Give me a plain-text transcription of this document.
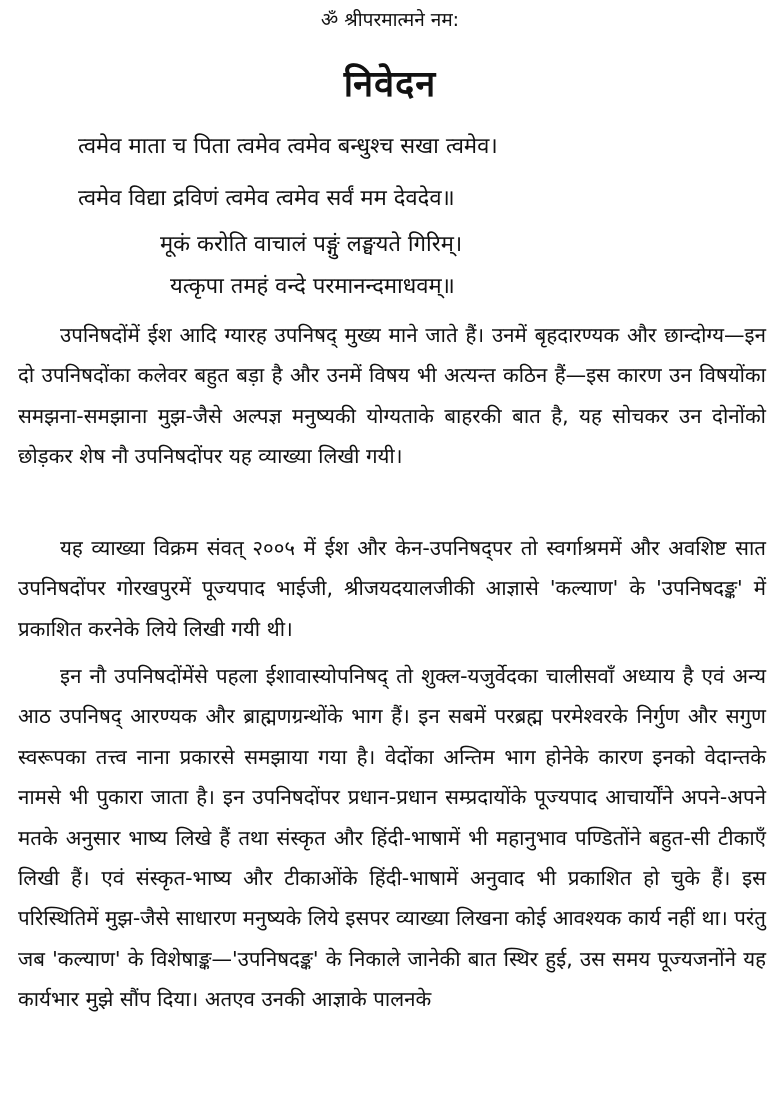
ॐ श्रीपरमात्मने नम:
निवेदन
त्वमेव माता च पिता त्वमेव त्वमेव बन्धुश्च सखा त्वमेव।
त्वमेव विद्या द्रविणं त्वमेव त्वमेव सर्वं मम देवदेव॥
मूकं करोति वाचालं पङ्गुं लङ्घयते गिरिम्।
यत्कृपा तमहं वन्दे परमानन्दमाधवम्॥
उपनिषदोंमें ईश आदि ग्यारह उपनिषद् मुख्य माने जाते हैं। उनमें बृहदारण्यक और छान्दोग्य—इन दो उपनिषदोंका कलेवर बहुत बड़ा है और उनमें विषय भी अत्यन्त कठिन हैं—इस कारण उन विषयोंका समझना-समझाना मुझ-जैसे अल्पज्ञ मनुष्यकी योग्यताके बाहरकी बात है, यह सोचकर उन दोनोंको छोड़कर शेष नौ उपनिषदोंपर यह व्याख्या लिखी गयी।
यह व्याख्या विक्रम संवत् २००५ में ईश और केन-उपनिषद्पर तो स्वर्गाश्रममें और अवशिष्ट सात उपनिषदोंपर गोरखपुरमें पूज्यपाद भाईजी, श्रीजयदयालजीकी आज्ञासे 'कल्याण' के 'उपनिषदङ्क' में प्रकाशित करनेके लिये लिखी गयी थी।
इन नौ उपनिषदोंमेंसे पहला ईशावास्योपनिषद् तो शुक्ल-यजुर्वेदका चालीसवाँ अध्याय है एवं अन्य आठ उपनिषद् आरण्यक और ब्राह्मणग्रन्थोंके भाग हैं। इन सबमें परब्रह्म परमेश्वरके निर्गुण और सगुण स्वरूपका तत्त्व नाना प्रकारसे समझाया गया है। वेदोंका अन्तिम भाग होनेके कारण इनको वेदान्तके नामसे भी पुकारा जाता है। इन उपनिषदोंपर प्रधान-प्रधान सम्प्रदायोंके पूज्यपाद आचार्योंने अपने-अपने मतके अनुसार भाष्य लिखे हैं तथा संस्कृत और हिंदी-भाषामें भी महानुभाव पण्डितोंने बहुत-सी टीकाएँ लिखी हैं। एवं संस्कृत-भाष्य और टीकाओंके हिंदी-भाषामें अनुवाद भी प्रकाशित हो चुके हैं। इस परिस्थितिमें मुझ-जैसे साधारण मनुष्यके लिये इसपर व्याख्या लिखना कोई आवश्यक कार्य नहीं था। परंतु जब 'कल्याण' के विशेषाङ्क—'उपनिषदङ्क' के निकाले जानेकी बात स्थिर हुई, उस समय पूज्यजनोंने यह कार्यभार मुझे सौंप दिया। अतएव उनकी आज्ञाके पालनके
